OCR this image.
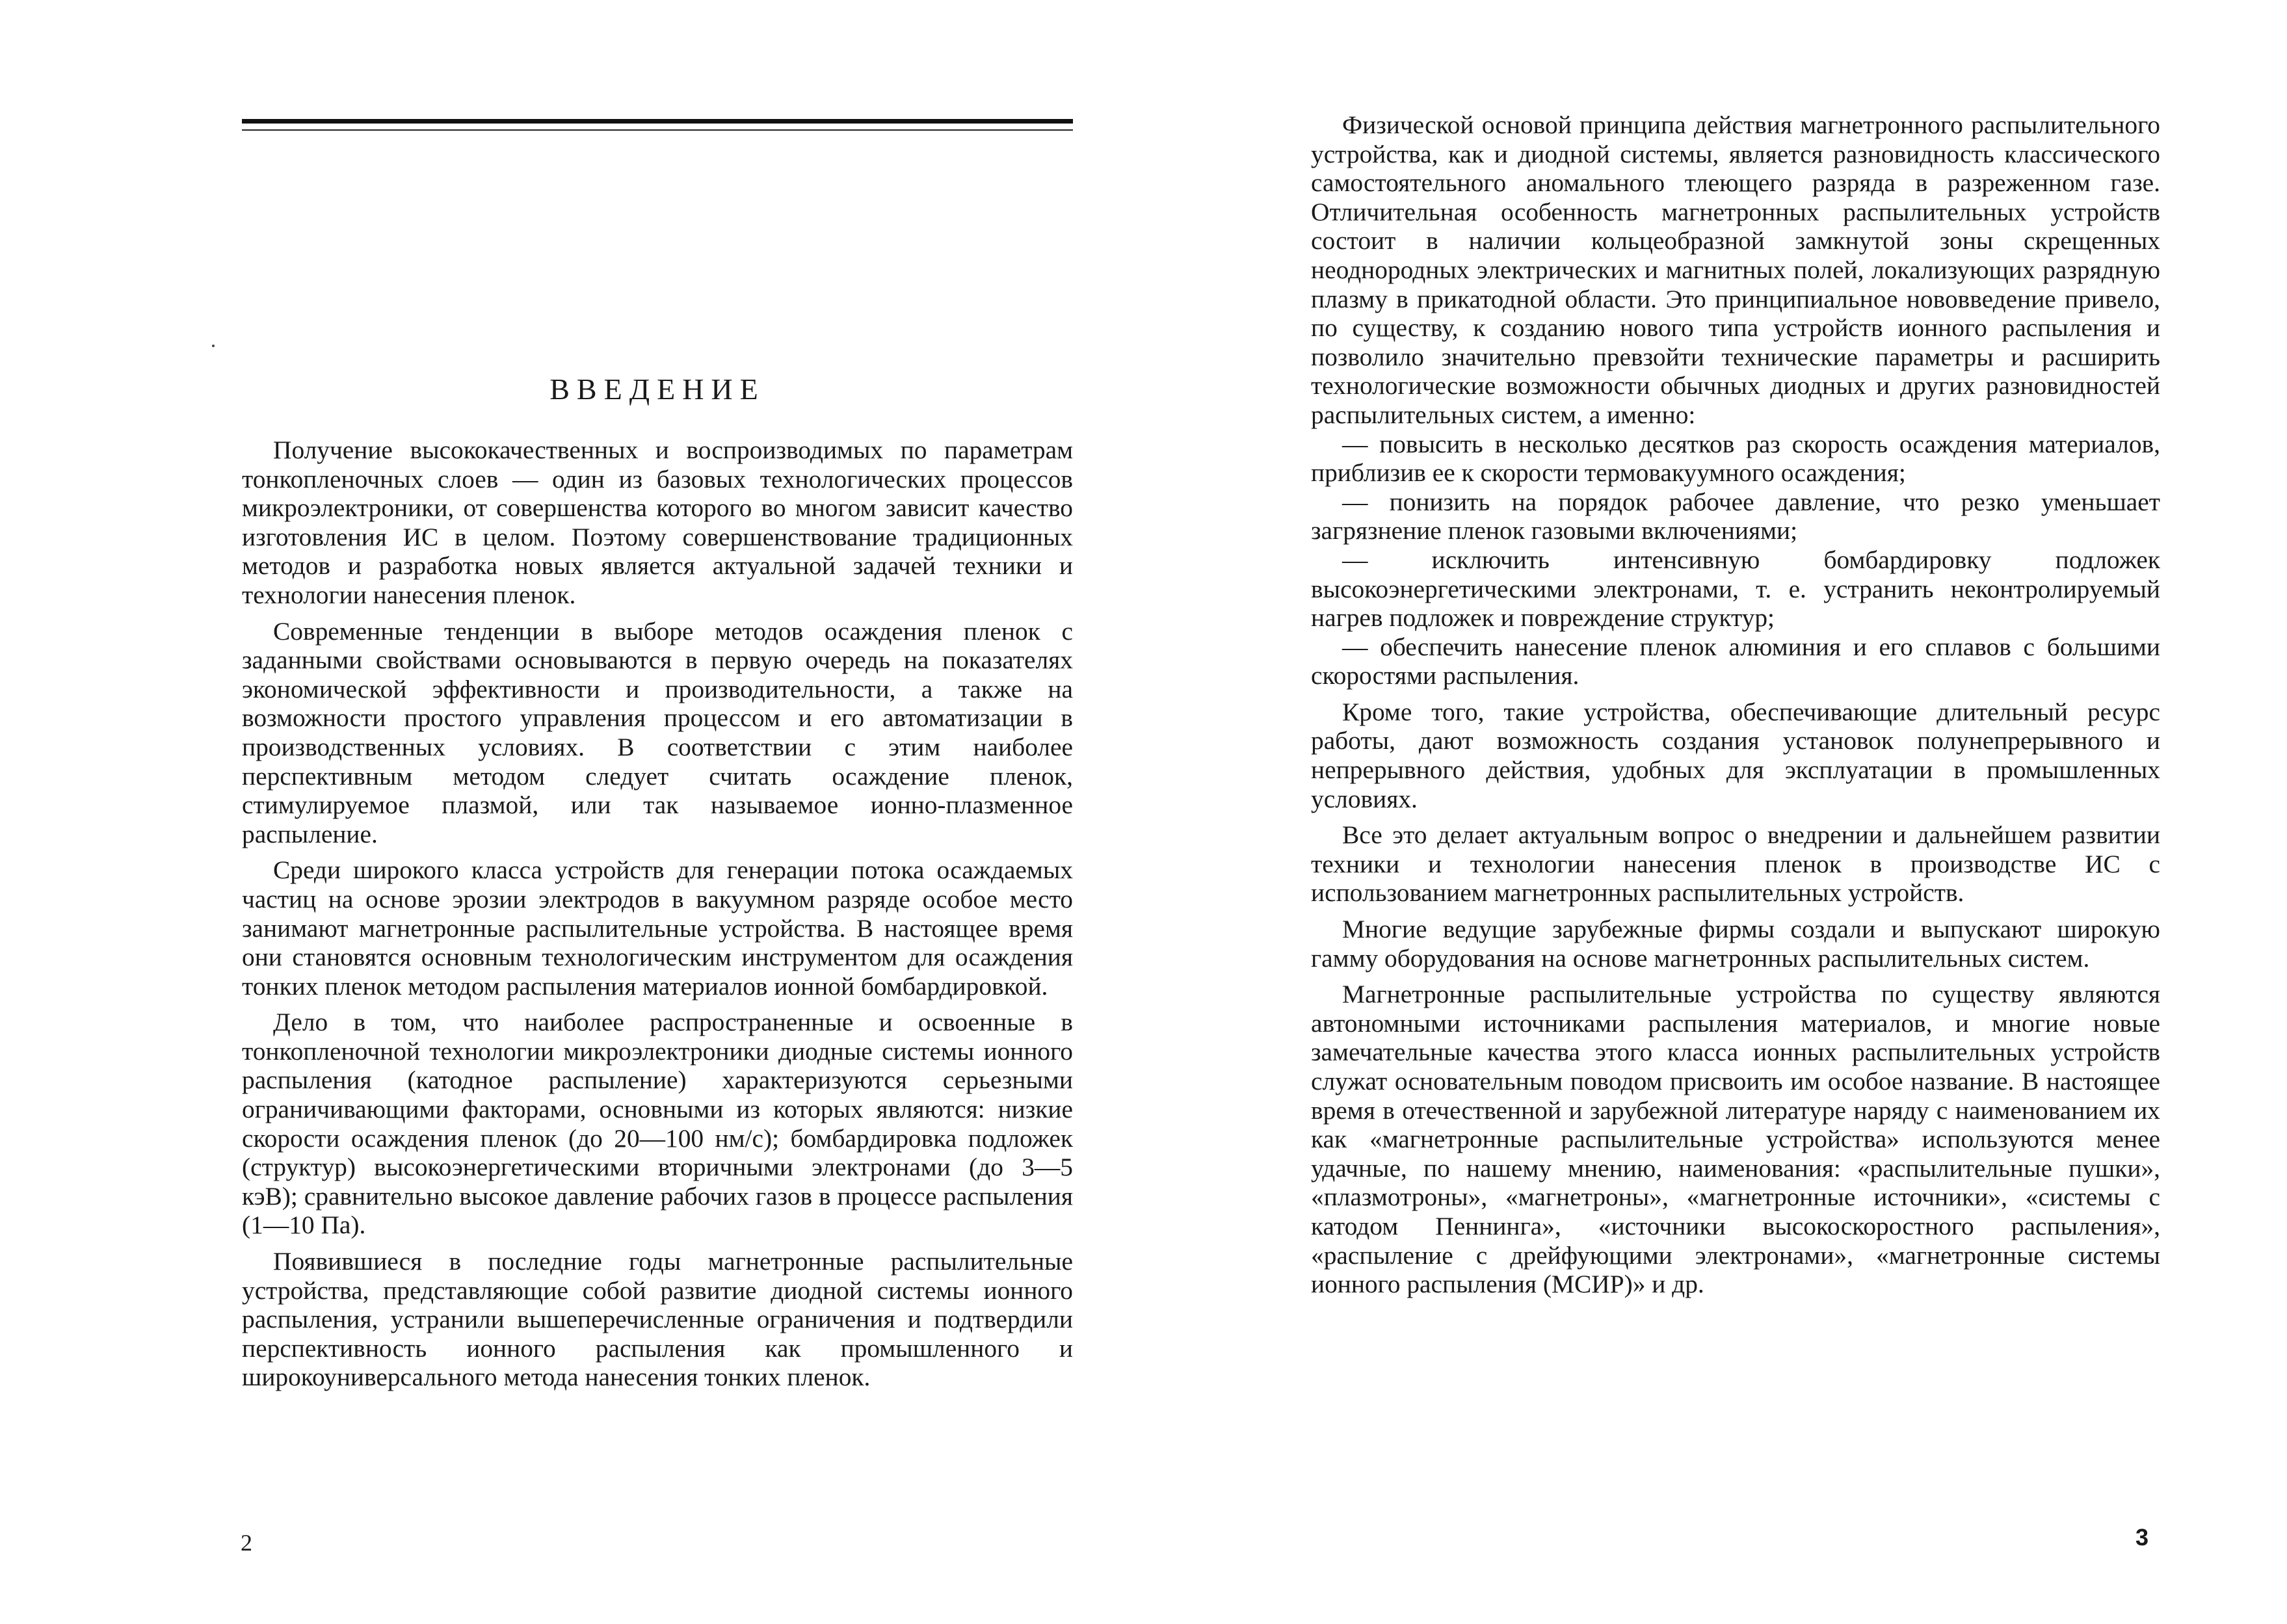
ВВЕДЕНИЕ

Получение высококачественных и воспроизводимых по параметрам тонкопленочных слоев — один из базовых технологических процессов микроэлектроники, от совершенства которого во многом зависит качество изготовления ИС в целом. Поэтому совершенствование традиционных методов и разработка новых является актуальной задачей техники и технологии нанесения пленок.

Современные тенденции в выборе методов осаждения пленок с заданными свойствами основываются в первую очередь на показателях экономической эффективности и производительности, а также на возможности простого управления процессом и его автоматизации в производственных условиях. В соответствии с этим наиболее перспективным методом следует считать осаждение пленок, стимулируемое плазмой, или так называемое ионно-плазменное распыление.

Среди широкого класса устройств для генерации потока осаждаемых частиц на основе эрозии электродов в вакуумном разряде особое место занимают магнетронные распылительные устройства. В настоящее время они становятся основным технологическим инструментом для осаждения тонких пленок методом распыления материалов ионной бомбардировкой.

Дело в том, что наиболее распространенные и освоенные в тонкопленочной технологии микроэлектроники диодные системы ионного распыления (катодное распыление) характеризуются серьезными ограничивающими факторами, основными из которых являются: низкие скорости осаждения пленок (до 20—100 нм/с); бомбардировка подложек (структур) высокоэнергетическими вторичными электронами (до 3—5 кэВ); сравнительно высокое давление рабочих газов в процессе распыления (1—10 Па).

Появившиеся в последние годы магнетронные распылительные устройства, представляющие собой развитие диодной системы ионного распыления, устранили вышеперечисленные ограничения и подтвердили перспективность ионного распыления как промышленного и широкоуниверсального метода нанесения тонких пленок.

2

Физической основой принципа действия магнетронного распылительного устройства, как и диодной системы, является разновидность классического самостоятельного аномального тлеющего разряда в разреженном газе. Отличительная особенность магнетронных распылительных устройств состоит в наличии кольцеобразной замкнутой зоны скрещенных неоднородных электрических и магнитных полей, локализующих разрядную плазму в прикатодной области. Это принципиальное нововведение привело, по существу, к созданию нового типа устройств ионного распыления и позволило значительно превзойти технические параметры и расширить технологические возможности обычных диодных и других разновидностей распылительных систем, а именно:

— повысить в несколько десятков раз скорость осаждения материалов, приблизив ее к скорости термовакуумного осаждения;

— понизить на порядок рабочее давление, что резко уменьшает загрязнение пленок газовыми включениями;

— исключить интенсивную бомбардировку подложек высокоэнергетическими электронами, т. е. устранить неконтролируемый нагрев подложек и повреждение структур;

— обеспечить нанесение пленок алюминия и его сплавов с большими скоростями распыления.

Кроме того, такие устройства, обеспечивающие длительный ресурс работы, дают возможность создания установок полунепрерывного и непрерывного действия, удобных для эксплуатации в промышленных условиях.

Все это делает актуальным вопрос о внедрении и дальнейшем развитии техники и технологии нанесения пленок в производстве ИС с использованием магнетронных распылительных устройств.

Многие ведущие зарубежные фирмы создали и выпускают широкую гамму оборудования на основе магнетронных распылительных систем.

Магнетронные распылительные устройства по существу являются автономными источниками распыления материалов, и многие новые замечательные качества этого класса ионных распылительных устройств служат основательным поводом присвоить им особое название. В настоящее время в отечественной и зарубежной литературе наряду с наименованием их как «магнетронные распылительные устройства» используются менее удачные, по нашему мнению, наименования: «распылительные пушки», «плазмотроны», «магнетроны», «магнетронные источники», «системы с катодом Пеннинга», «источники высокоскоростного распыления», «распыление с дрейфующими электронами», «магнетронные системы ионного распыления (МСИР)» и др.

3
